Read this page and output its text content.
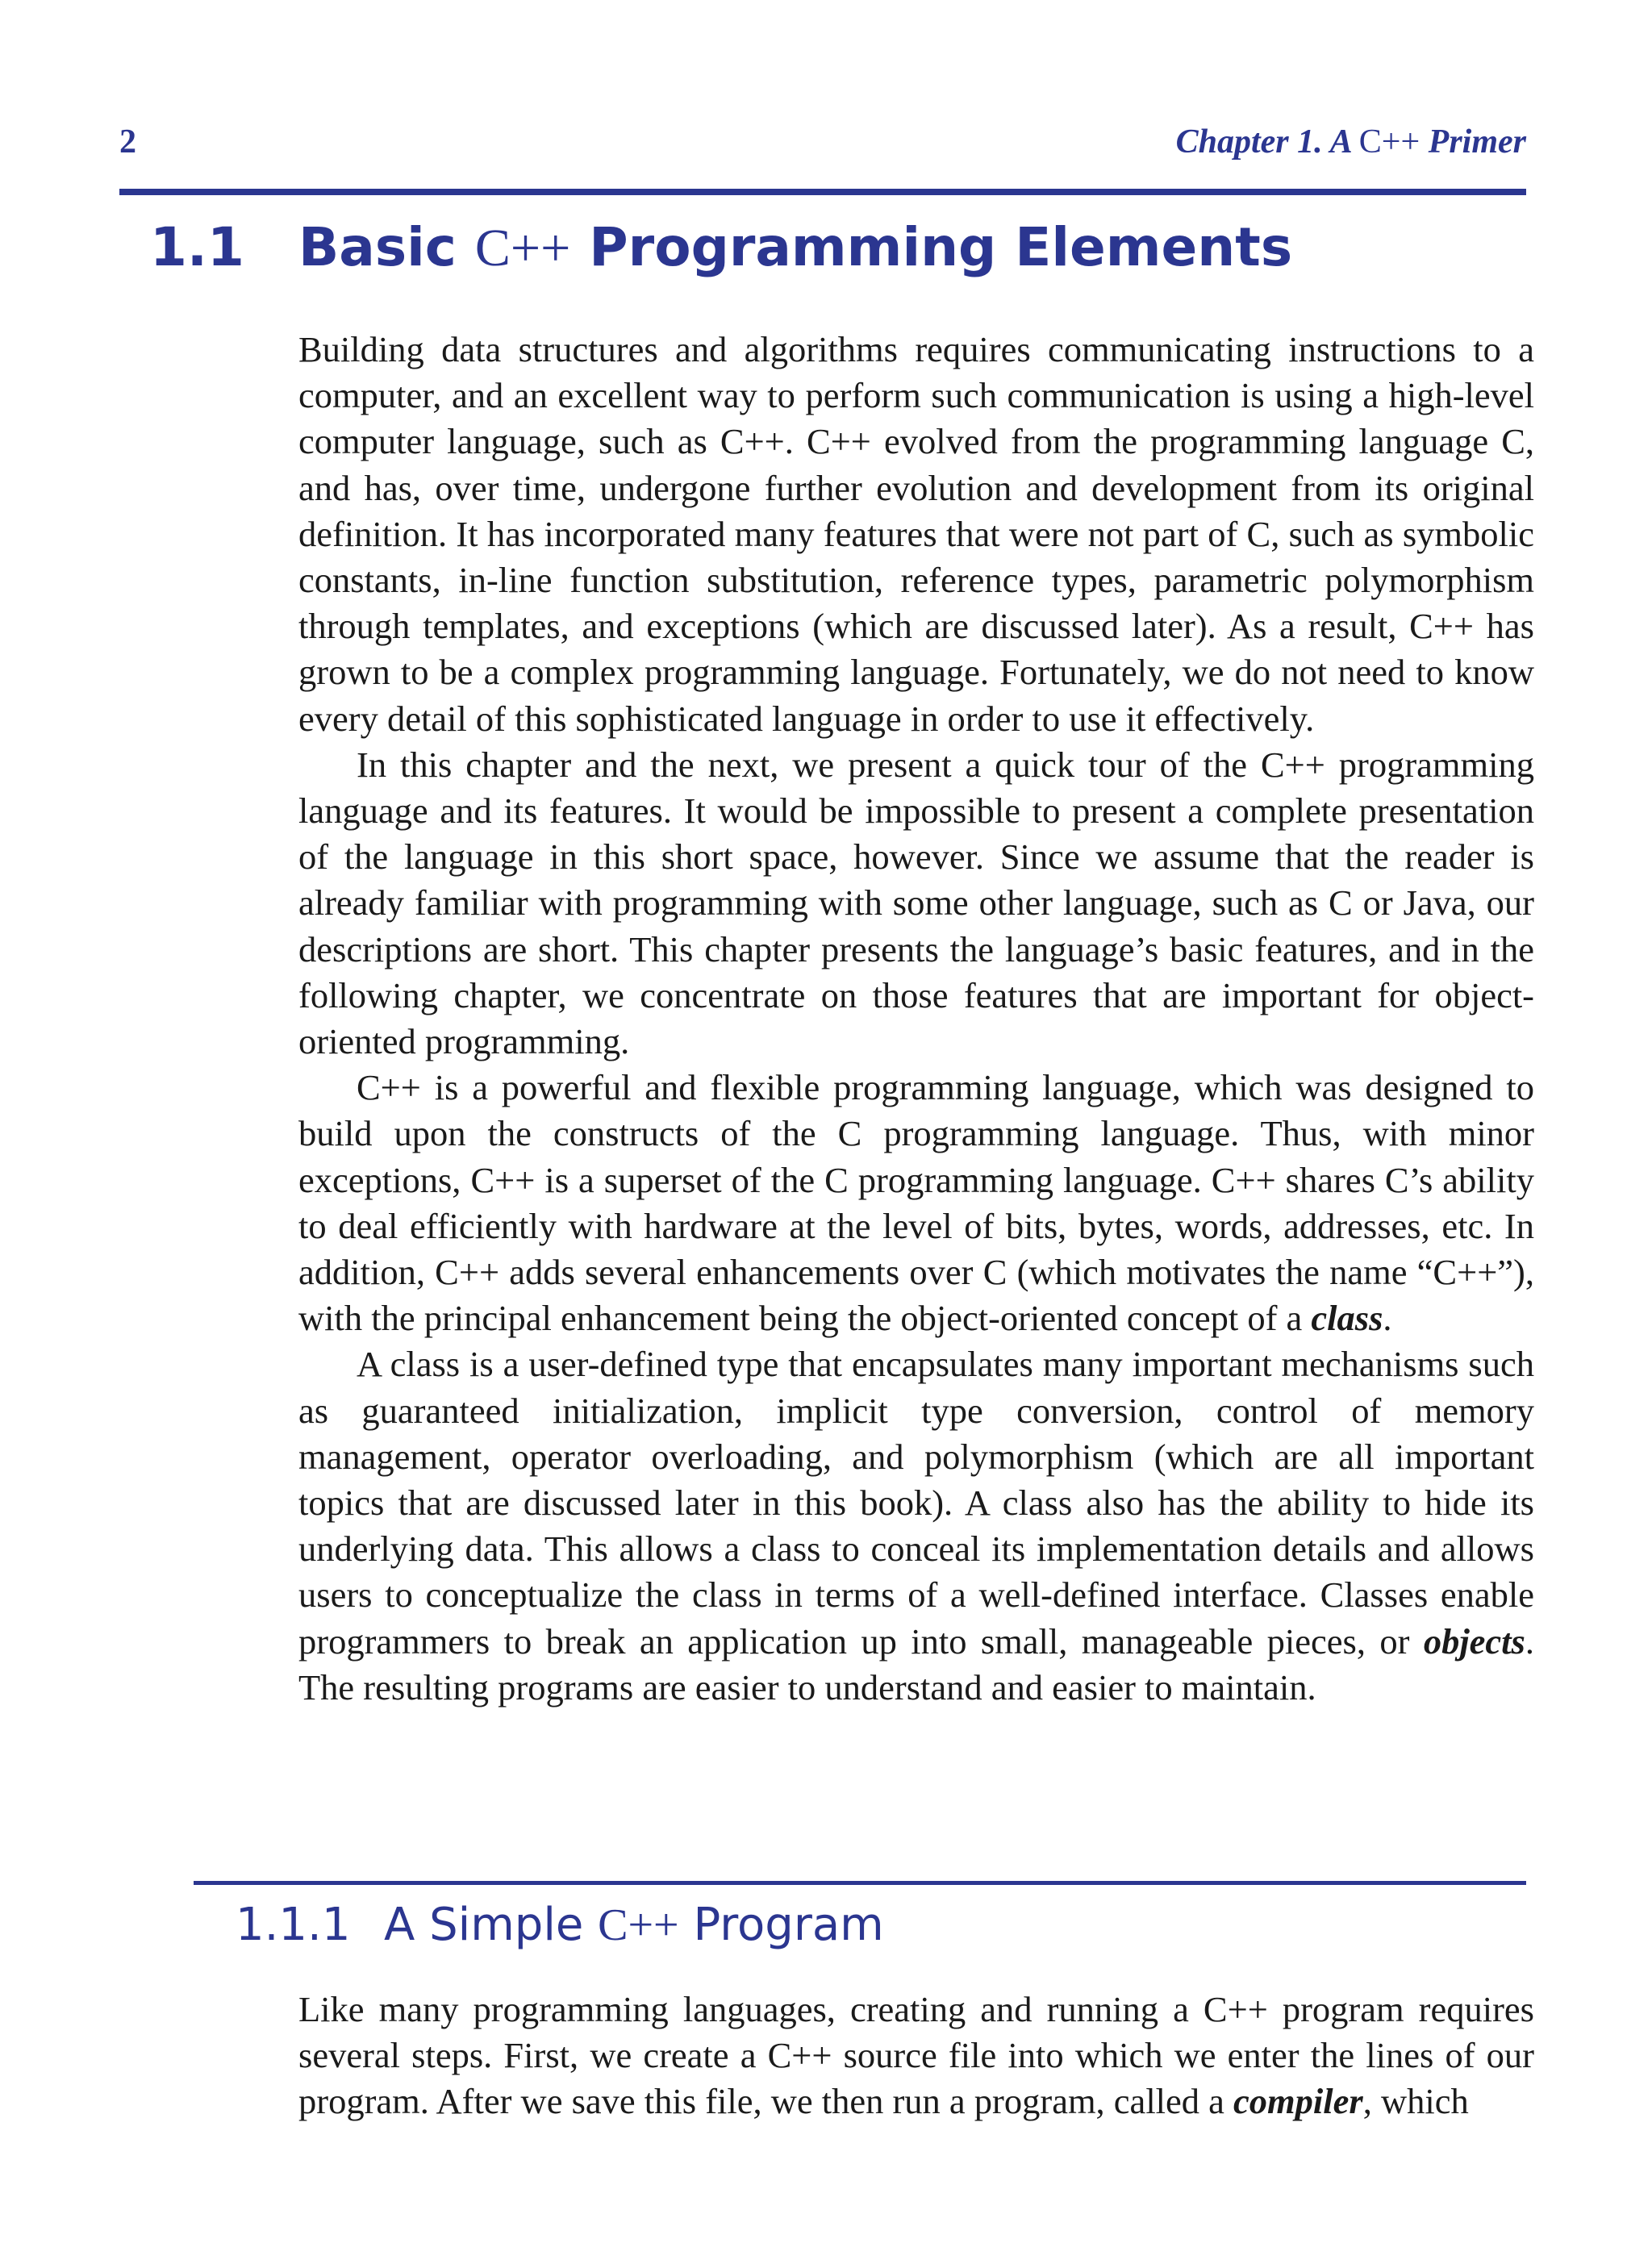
2	Chapter 1. A C++ Primer
1.1 Basic C++ Programming Elements

Building data structures and algorithms requires communicating instructions to a computer, and an excellent way to perform such communication is using a high-level computer language, such as C++. C++ evolved from the programming language C, and has, over time, undergone further evolution and development from its original definition. It has incorporated many features that were not part of C, such as symbolic constants, in-line function substitution, reference types, parametric polymorphism through templates, and exceptions (which are discussed later). As a result, C++ has grown to be a complex programming language. Fortunately, we do not need to know every detail of this sophisticated language in order to use it effectively.

In this chapter and the next, we present a quick tour of the C++ programming language and its features. It would be impossible to present a complete presentation of the language in this short space, however. Since we assume that the reader is already familiar with programming with some other language, such as C or Java, our descriptions are short. This chapter presents the language’s basic features, and in the following chapter, we concentrate on those features that are important for object-oriented programming.

C++ is a powerful and flexible programming language, which was designed to build upon the constructs of the C programming language. Thus, with minor exceptions, C++ is a superset of the C programming language. C++ shares C’s ability to deal efficiently with hardware at the level of bits, bytes, words, addresses, etc. In addition, C++ adds several enhancements over C (which motivates the name “C++”), with the principal enhancement being the object-oriented concept of a class.

A class is a user-defined type that encapsulates many important mechanisms such as guaranteed initialization, implicit type conversion, control of memory management, operator overloading, and polymorphism (which are all important topics that are discussed later in this book). A class also has the ability to hide its underlying data. This allows a class to conceal its implementation details and allows users to conceptualize the class in terms of a well-defined interface. Classes enable programmers to break an application up into small, manageable pieces, or objects. The resulting programs are easier to understand and easier to maintain.

1.1.1 A Simple C++ Program

Like many programming languages, creating and running a C++ program requires several steps. First, we create a C++ source file into which we enter the lines of our program. After we save this file, we then run a program, called a compiler, which
